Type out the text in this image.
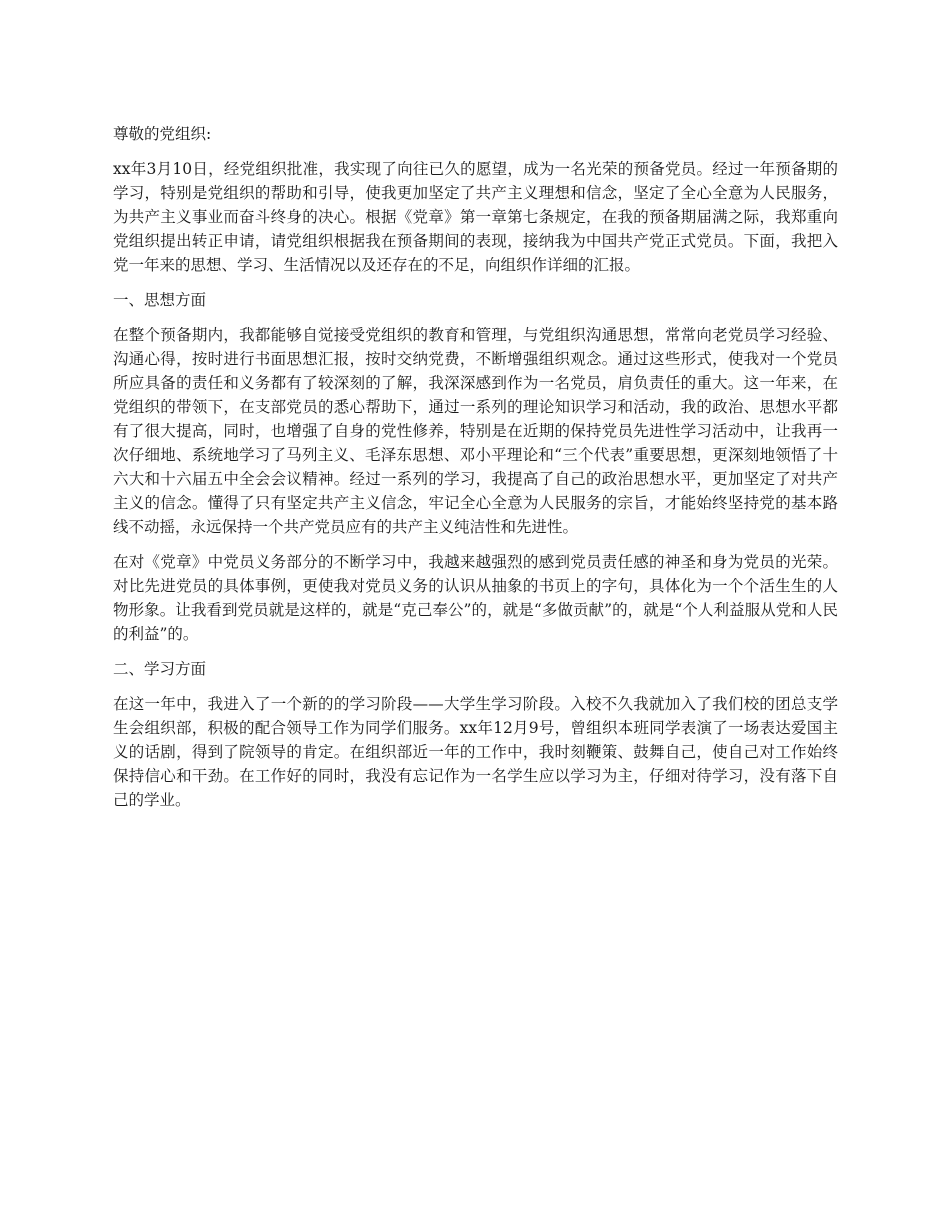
尊敬的党组织:

xx年3月10日，经党组织批准，我实现了向往已久的愿望，成为一名光荣的预备党员。经过一年预备期的学习，特别是党组织的帮助和引导，使我更加坚定了共产主义理想和信念，坚定了全心全意为人民服务，为共产主义事业而奋斗终身的决心。根据《党章》第一章第七条规定，在我的预备期届满之际，我郑重向党组织提出转正申请，请党组织根据我在预备期间的表现，接纳我为中国共产党正式党员。下面，我把入党一年来的思想、学习、生活情况以及还存在的不足，向组织作详细的汇报。

一、思想方面

在整个预备期内，我都能够自觉接受党组织的教育和管理，与党组织沟通思想，常常向老党员学习经验、沟通心得，按时进行书面思想汇报，按时交纳党费，不断增强组织观念。通过这些形式，使我对一个党员所应具备的责任和义务都有了较深刻的了解，我深深感到作为一名党员，肩负责任的重大。这一年来，在党组织的带领下，在支部党员的悉心帮助下，通过一系列的理论知识学习和活动，我的政治、思想水平都有了很大提高，同时，也增强了自身的党性修养，特别是在近期的保持党员先进性学习活动中，让我再一次仔细地、系统地学习了马列主义、毛泽东思想、邓小平理论和“三个代表”重要思想，更深刻地领悟了十六大和十六届五中全会会议精神。经过一系列的学习，我提高了自己的政治思想水平，更加坚定了对共产主义的信念。懂得了只有坚定共产主义信念，牢记全心全意为人民服务的宗旨，才能始终坚持党的基本路线不动摇，永远保持一个共产党员应有的共产主义纯洁性和先进性。

在对《党章》中党员义务部分的不断学习中，我越来越强烈的感到党员责任感的神圣和身为党员的光荣。对比先进党员的具体事例，更使我对党员义务的认识从抽象的书页上的字句，具体化为一个个活生生的人物形象。让我看到党员就是这样的，就是“克己奉公”的，就是“多做贡献”的，就是“个人利益服从党和人民的利益”的。

二、学习方面

在这一年中，我进入了一个新的的学习阶段——大学生学习阶段。入校不久我就加入了我们校的团总支学生会组织部，积极的配合领导工作为同学们服务。xx年12月9号，曾组织本班同学表演了一场表达爱国主义的话剧，得到了院领导的肯定。在组织部近一年的工作中，我时刻鞭策、鼓舞自己，使自己对工作始终保持信心和干劲。在工作好的同时，我没有忘记作为一名学生应以学习为主，仔细对待学习，没有落下自己的学业。
